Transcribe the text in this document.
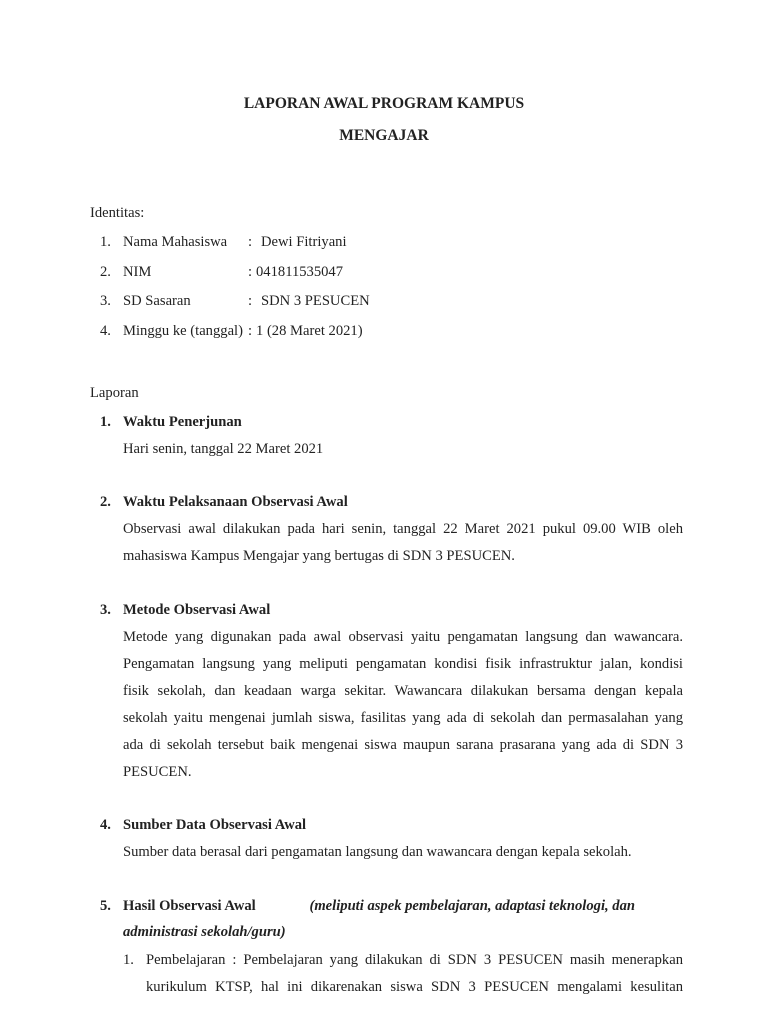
LAPORAN AWAL PROGRAM KAMPUS
MENGAJAR
Identitas:
1. Nama Mahasiswa : Dewi Fitriyani
2. NIM	: 041811535047
3. SD Sasaran	: SDN 3 PESUCEN
4. Minggu ke (tanggal) : 1 (28 Maret 2021)
Laporan
1. Waktu Penerjunan
Hari senin, tanggal 22 Maret 2021
2. Waktu Pelaksanaan Observasi Awal
Observasi awal dilakukan pada hari senin, tanggal 22 Maret 2021 pukul 09.00 WIB oleh
mahasiswa Kampus Mengajar yang bertugas di SDN 3 PESUCEN.
3. Metode Observasi Awal
Metode yang digunakan pada awal observasi yaitu pengamatan langsung dan wawancara.
Pengamatan langsung yang meliputi pengamatan kondisi fisik infrastruktur jalan, kondisi
fisik sekolah, dan keadaan warga sekitar. Wawancara dilakukan bersama dengan kepala
sekolah yaitu mengenai jumlah siswa, fasilitas yang ada di sekolah dan permasalahan yang
ada di sekolah tersebut baik mengenai siswa maupun sarana prasarana yang ada di SDN 3
PESUCEN.
4. Sumber Data Observasi Awal
Sumber data berasal dari pengamatan langsung dan wawancara dengan kepala sekolah.
5. Hasil Observasi Awal	(meliputi aspek pembelajaran, adaptasi teknologi, dan
administrasi sekolah/guru)
1. Pembelajaran : Pembelajaran yang dilakukan di SDN 3 PESUCEN masih menerapkan
kurikulum KTSP, hal ini dikarenakan siswa SDN 3 PESUCEN mengalami kesulitan
